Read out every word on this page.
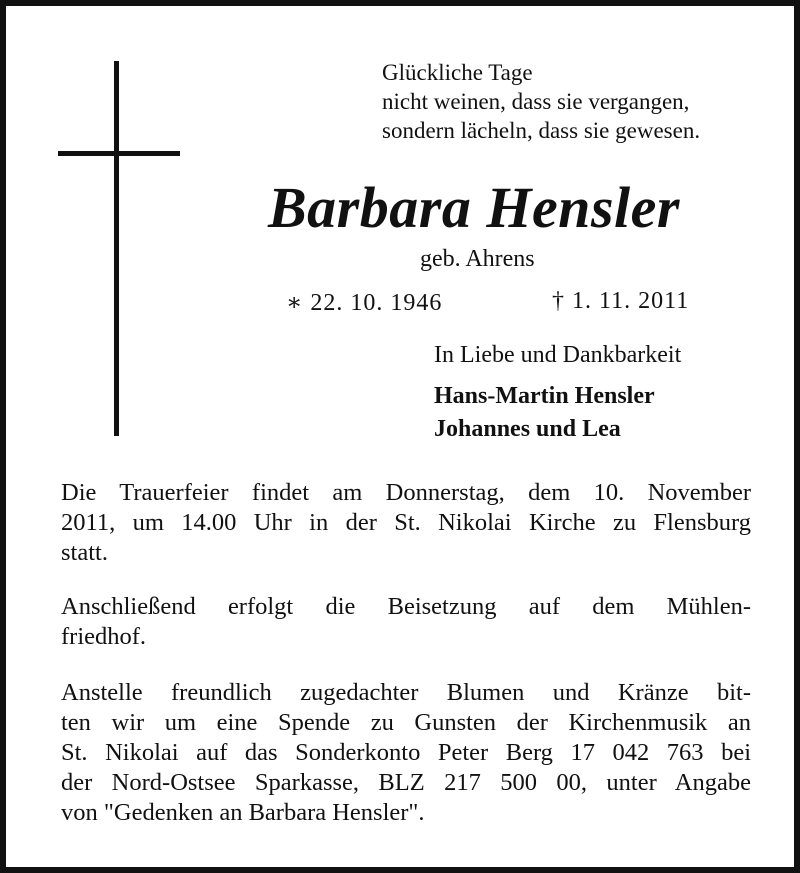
Glückliche Tage
nicht weinen, dass sie vergangen,
sondern lächeln, dass sie gewesen.
Barbara Hensler
geb. Ahrens
∗ 22. 10. 1946	† 1. 11. 2011
In Liebe und Dankbarkeit
Hans-Martin Hensler
Johannes und Lea
Die Trauerfeier findet am Donnerstag, dem 10. November
2011, um 14.00 Uhr in der St. Nikolai Kirche zu Flensburg
statt.
Anschließend erfolgt die Beisetzung auf dem Mühlen-
friedhof.
Anstelle freundlich zugedachter Blumen und Kränze bit-
ten wir um eine Spende zu Gunsten der Kirchenmusik an
St. Nikolai auf das Sonderkonto Peter Berg 17 042 763 bei
der Nord-Ostsee Sparkasse, BLZ 217 500 00, unter Angabe
von "Gedenken an Barbara Hensler".
